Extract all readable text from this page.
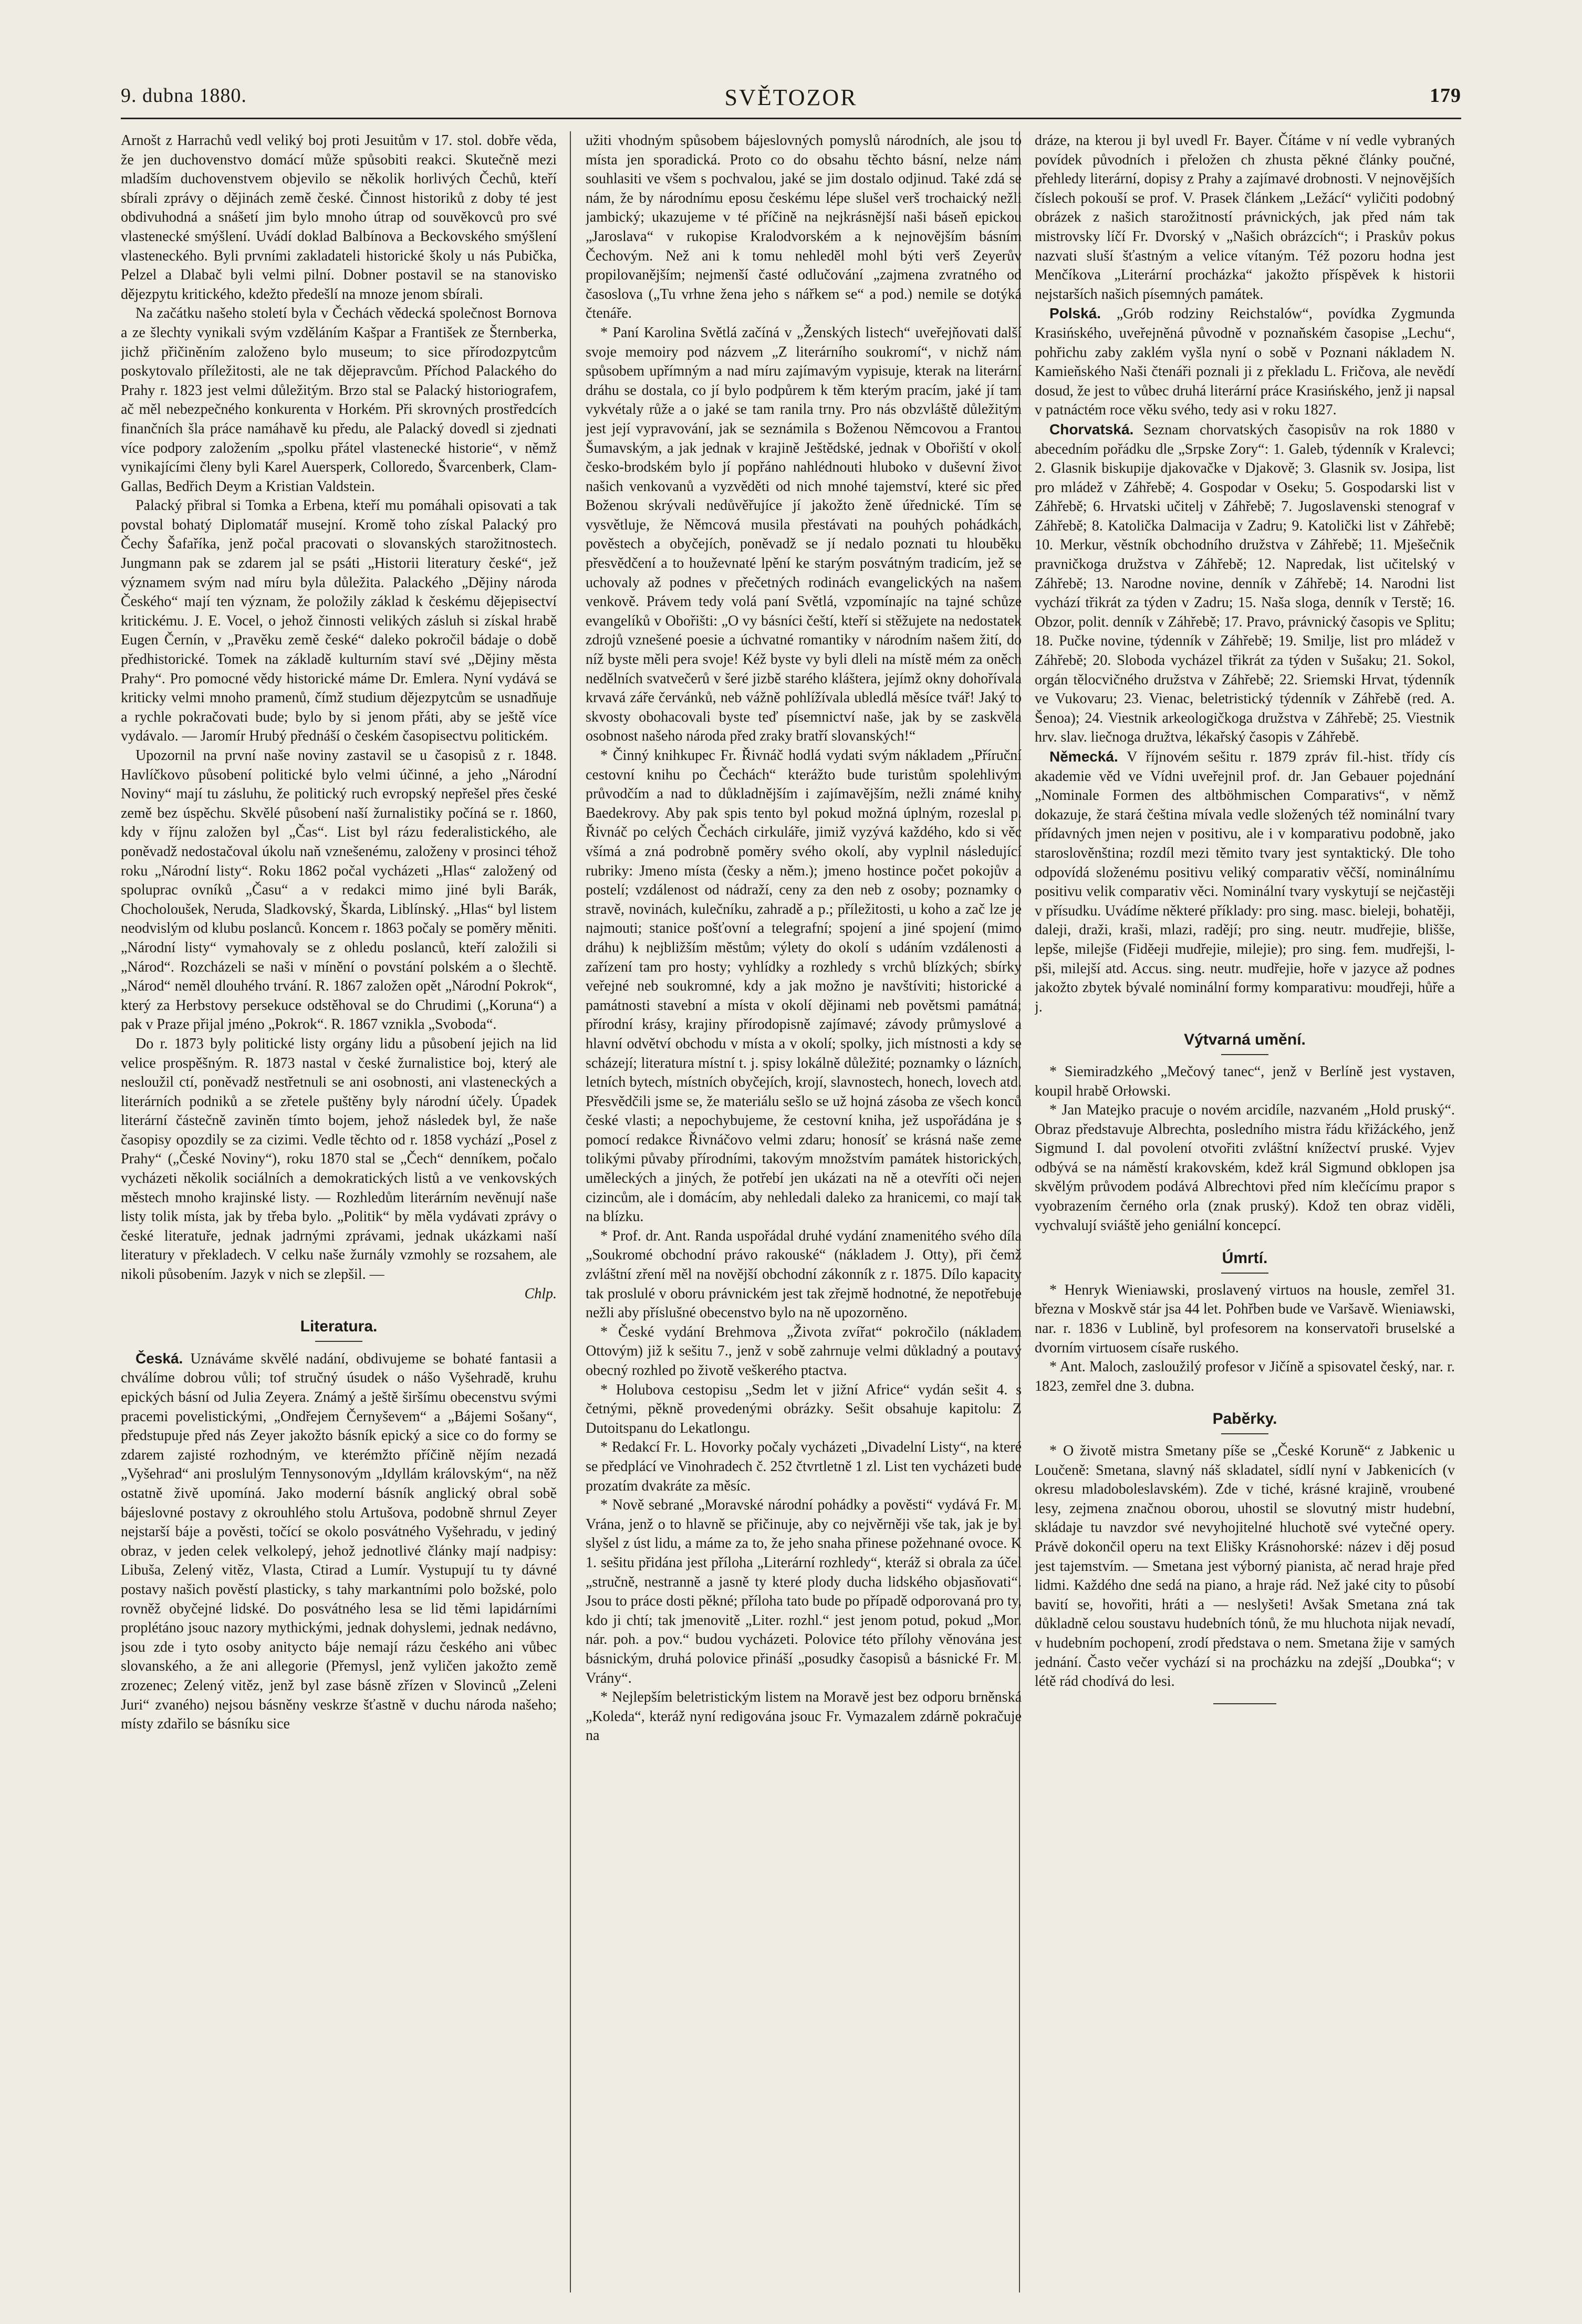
9. dubna 1880.	SVĚTOZOR	179

Arnošt z Harrachů vedl veliký boj proti Jesuitům v 17. stol. dobře věda, že jen duchovenstvo domácí může spůsobiti reakci. Skutečně mezi mladším duchovenstvem objevilo se několik horlivých Čechů, kteří sbírali zprávy o dějinách země české. Činnost historiků z doby té jest obdivuhodná a snášetí jim bylo mnoho útrap od souvěkovců pro své vlastenecké smýšlení. Uvádí doklad Balbínova a Beckovského smýšlení vlasteneckého. Byli prvními zakladateli historické školy u nás Pubička, Pelzel a Dlabač byli velmi pilní. Dobner postavil se na stanovisko dějezpytu kritického, kdežto předešlí na mnoze jenom sbírali.

Na začátku našeho století byla v Čechách vědecká společnost Bornova a ze šlechty vynikali svým vzděláním Kašpar a František ze Šternberka, jichž přičiněním založeno bylo museum; to sice přírodozpytcům poskytovalo příležitosti, ale ne tak dějepravcům. Příchod Palackého do Prahy r. 1823 jest velmi důležitým. Brzo stal se Palacký historiografem, ač měl nebezpečného konkurenta v Horkém. Při skrovných prostředcích finančních šla práce namáhavě ku předu, ale Palacký dovedl si zjednati více podpory založením „spolku přátel vlastenecké historie“, v němž vynikajícími členy byli Karel Auersperk, Colloredo, Švarcenberk, Clam-Gallas, Bedřich Deym a Kristian Valdstein.

Palacký přibral si Tomka a Erbena, kteří mu pomáhali opisovati a tak povstal bohatý Diplomatář musejní. Kromě toho získal Palacký pro Čechy Šafaříka, jenž počal pracovati o slovanských starožitnostech. Jungmann pak se zdarem jal se psáti „Historii literatury české“, jež významem svým nad míru byla důležita. Palackého „Dějiny národa Českého“ mají ten význam, že položily základ k českému dějepisectví kritickému. J. E. Vocel, o jehož činnosti velikých zásluh si získal hrabě Eugen Černín, v „Pravěku země české“ daleko pokročil bádaje o době předhistorické. Tomek na základě kulturním staví své „Dějiny města Prahy“. Pro pomocné vědy historické máme Dr. Emlera. Nyní vydává se kriticky velmi mnoho pramenů, čímž studium dějezpytcům se usnadňuje a rychle pokračovati bude; bylo by si jenom přáti, aby se ještě více vydávalo. — Jaromír Hrubý přednáší o českém časopisectvu politickém.

Upozornil na první naše noviny zastavil se u časopisů z r. 1848. Havlíčkovo působení politické bylo velmi účinné, a jeho „Národní Noviny“ mají tu zásluhu, že politický ruch evropský nepřešel přes české země bez úspěchu. Skvělé působení naší žurnalistiky počíná se r. 1860, kdy v říjnu založen byl „Čas“. List byl rázu federalistického, ale poněvadž nedostačoval úkolu naň vznešenému, založeny v prosinci téhož roku „Národní listy“. Roku 1862 počal vycházeti „Hlas“ založený od spoluprac ovníků „Času“ a v redakci mimo jiné byli Barák, Chocholoušek, Neruda, Sladkovský, Škarda, Liblínský. „Hlas“ byl listem neodvislým od klubu poslanců. Koncem r. 1863 počaly se poměry měniti. „Národní listy“ vymahovaly se z ohledu poslanců, kteří založili si „Národ“. Rozcházeli se naši v mínění o povstání polském a o šlechtě. „Národ“ neměl dlouhého trvání. R. 1867 založen opět „Národní Pokrok“, který za Herbstovy persekuce odstěhoval se do Chrudimi („Koruna“) a pak v Praze přijal jméno „Pokrok“. R. 1867 vznikla „Svoboda“.

Do r. 1873 byly politické listy orgány lidu a působení jejich na lid velice prospěšným. R. 1873 nastal v české žurnalistice boj, který ale nesloužil ctí, poněvadž nestřetnuli se ani osobnosti, ani vlasteneckých a literárních podniků a se zřetele puštěny byly národní účely. Úpadek literární částečně zaviněn tímto bojem, jehož následek byl, že naše časopisy opozdily se za cizimi. Vedle těchto od r. 1858 vychází „Posel z Prahy“ („České Noviny“), roku 1870 stal se „Čech“ denníkem, počalo vycházeti několik sociálních a demokratických listů a ve venkovských městech mnoho krajinské listy. — Rozhledům literárním nevěnují naše listy tolik místa, jak by třeba bylo. „Politik“ by měla vydávati zprávy o české literatuře, jednak jadrnými zprávami, jednak ukázkami naší literatury v překladech. V celku naše žurnály vzmohly se rozsahem, ale nikoli působením. Jazyk v nich se zlepšil. —

Chlp.

Literatura.

Česká. Uznáváme skvělé nadání, obdivujeme se bohaté fantasii a chválíme dobrou vůli; tof stručný úsudek o nášo Vyšehradě, kruhu epických básní od Julia Zeyera. Známý a ještě širšímu obecenstvu svými pracemi povelistickými, „Ondřejem Černyševem“ a „Bájemi Sošany“, předstupuje před nás Zeyer jakožto básník epický a sice co do formy se zdarem zajisté rozhodným, ve kterémžto příčině nějím nezadá „Vyšehrad“ ani proslulým Tennysonovým „Idyllám královským“, na něž ostatně živě upomíná. Jako moderní básník anglický obral sobě bájeslovné postavy z okrouhlého stolu Artušova, podobně shrnul Zeyer nejstarší báje a pověsti, točící se okolo posvátného Vyšehradu, v jediný obraz, v jeden celek velkolepý, jehož jednotlivé články mají nadpisy: Libuša, Zelený vitěz, Vlasta, Ctirad a Lumír. Vystupují tu ty dávné postavy našich pověstí plasticky, s tahy markantními polo božské, polo rovněž obyčejné lidské. Do posvátného lesa se lid těmi lapidárními proplétáno jsouc nazory mythickými, jednak dohyslemi, jednak nedávno, jsou zde i tyto osoby anitycto báje nemají rázu českého ani vůbec slovanského, a že ani allegorie (Přemysl, jenž vyličen jakožto země zrozenec; Zelený vitěz, jenž byl zase básně zřízen v Slovinců „Zeleni Juri“ zvaného) nejsou básněny veskrze šťastně v duchu národa našeho; místy zdařilo se básníku sice

užiti vhodným spůsobem bájeslovných pomyslů národních, ale jsou to místa jen sporadická. Proto co do obsahu těchto básní, nelze nám souhlasiti ve všem s pochvalou, jaké se jim dostalo odjinud. Také zdá se nám, že by národnímu eposu českému lépe slušel verš trochaický nežli jambický; ukazujeme v té příčině na nejkrásnější naši báseň epickou „Jaroslava“ v rukopise Kralodvorském a k nejnovějším básním Čechovým. Než ani k tomu nehleděl mohl býti verš Zeyerův propilovanějším; nejmenší časté odlučování „zajmena zvratného od časoslova („Tu vrhne žena jeho s nářkem se“ a pod.) nemile se dotýká čtenáře.

* Paní Karolina Světlá začíná v „Ženských listech“ uveřejňovati další svoje memoiry pod názvem „Z literárního soukromí“, v nichž nám spůsobem upřímným a nad míru zajímavým vypisuje, kterak na literární dráhu se dostala, co jí bylo podpůrem k těm kterým pracím, jaké jí tam vykvétaly růže a o jaké se tam ranila trny. Pro nás obzvláště důležitým jest její vypravování, jak se seznámila s Boženou Němcovou a Frantou Šumavským, a jak jednak v krajině Ještědské, jednak v Obořiští v okolí česko-brodském bylo jí popřáno nahlédnouti hluboko v duševní život našich venkovanů a vyzvěděti od nich mnohé tajemství, které sic před Boženou skrývali nedůvěřujíce jí jakožto ženě úřednické. Tím se vysvětluje, že Němcová musila přestávati na pouhých pohádkách, pověstech a obyčejích, poněvadž se jí nedalo poznati tu hlouběku přesvědčení a to houževnaté lpění ke starým posvátným tradicím, jež se uchovaly až podnes v přečetných rodinách evangelických na našem venkově. Právem tedy volá paní Světlá, vzpomínajíc na tajné schůze evangelíků v Obořišti: „O vy básníci čeští, kteří si stěžujete na nedostatek zdrojů vznešené poesie a úchvatné romantiky v národním našem žití, do níž byste měli pera svoje! Kéž byste vy byli dleli na místě mém za oněch nedělních svatvečerů v šeré jizbě starého kláštera, jejímž okny dohořívala krvavá záře červánků, neb vážně pohlížívala ubledlá měsíce tvář! Jaký to skvosty obohacovali byste teď písemnictví naše, jak by se zaskvěla osobnost našeho národa před zraky bratří slovanských!“

* Činný knihkupec Fr. Řivnáč hodlá vydati svým nákladem „Příruční cestovní knihu po Čechách“ kterážto bude turistům spolehlivým průvodčím a nad to důkladnějším i zajímavějším, nežli známé knihy Baedekrovy. Aby pak spis tento byl pokud možná úplným, rozeslal p. Řivnáč po celých Čechách cirkuláře, jimiž vyzývá každého, kdo si věc všímá a zná podrobně poměry svého okolí, aby vyplnil následující rubriky: Jmeno místa (česky a něm.); jmeno hostince počet pokojův a postelí; vzdálenost od nádraží, ceny za den neb z osoby; poznamky o stravě, novinách, kulečníku, zahradě a p.; příležitosti, u koho a zač lze je najmouti; stanice pošťovní a telegrafní; spojení a jiné spojení (mimo dráhu) k nejbližším městům; výlety do okolí s udáním vzdálenosti a zařízení tam pro hosty; vyhlídky a rozhledy s vrchů blízkých; sbírky veřejné neb soukromné, kdy a jak možno je navštíviti; historické a památnosti stavební a místa v okolí dějinami neb povětsmi památná; přírodní krásy, krajiny přírodopisně zajímavé; závody průmyslové a hlavní odvětví obchodu v místa a v okolí; spolky, jich místnosti a kdy se scházejí; literatura místní t. j. spisy lokálně důležité; poznamky o lázních, letních bytech, místních obyčejích, krojí, slavnostech, honech, lovech atd. Přesvědčili jsme se, že materiálu sešlo se už hojná zásoba ze všech konců české vlasti; a nepochybujeme, že cestovní kniha, jež uspořádána je s pomocí redakce Řivnáčovo velmi zdaru; honosíť se krásná naše zeme tolikými půvaby přírodními, takovým množstvím památek historických, uměleckých a jiných, že potřebí jen ukázati na ně a otevříti oči nejen cizincům, ale i domácím, aby nehledali daleko za hranicemi, co mají tak na blízku.

* Prof. dr. Ant. Randa uspořádal druhé vydání znamenitého svého díla „Soukromé obchodní právo rakouské“ (nákladem J. Otty), při čemž zvláštní zření měl na novější obchodní zákonník z r. 1875. Dílo kapacity tak proslulé v oboru právnickém jest tak zřejmě hodnotné, že nepotřebuje nežli aby příslušné obecenstvo bylo na ně upozorněno.

* České vydání Brehmova „Života zvířat“ pokročilo (nákladem Ottovým) již k sešitu 7., jenž v sobě zahrnuje velmi důkladný a poutavý obecný rozhled po životě veškerého ptactva.

* Holubova cestopisu „Sedm let v jižní Africe“ vydán sešit 4. s četnými, pěkně provedenými obrázky. Sešit obsahuje kapitolu: Z Dutoitspanu do Lekatlongu.

* Redakcí Fr. L. Hovorky počaly vycházeti „Divadelní Listy“, na které se předplácí ve Vinohradech č. 252 čtvrtletně 1 zl. List ten vycházeti bude prozatím dvakráte za měsíc.

* Nově sebrané „Moravské národní pohádky a pověsti“ vydává Fr. M. Vrána, jenž o to hlavně se přičinuje, aby co nejvěrněji vše tak, jak je byl slyšel z úst lidu, a máme za to, že jeho snaha přinese požehnané ovoce. K 1. sešitu přidána jest příloha „Literární rozhledy“, kteráž si obrala za účel „stručně, nestranně a jasně ty které plody ducha lidského objasňovati“. Jsou to práce dosti pěkné; příloha tato bude po případě odporovaná pro ty, kdo ji chtí; tak jmenovitě „Liter. rozhl.“ jest jenom potud, pokud „Mor. nár. poh. a pov.“ budou vycházeti. Polovice této přílohy věnována jest básnickým, druhá polovice přináší „posudky časopisů a básnické Fr. M. Vrány“.

* Nejlepším beletristickým listem na Moravě jest bez odporu brněnská „Koleda“, kteráž nyní redigována jsouc Fr. Vymazalem zdárně pokračuje na

dráze, na kterou ji byl uvedl Fr. Bayer. Čítáme v ní vedle vybraných povídek původních i přeložen ch zhusta pěkné články poučné, přehledy literární, dopisy z Prahy a zajímavé drobnosti. V nejnovějších číslech pokouší se prof. V. Prasek článkem „Ležácí“ vyličiti podobný obrázek z našich starožitností právnických, jak před nám tak mistrovsky líčí Fr. Dvorský v „Našich obrázcích“; i Praskův pokus nazvati sluší šťastným a velice vítaným. Též pozoru hodna jest Menčíkova „Literární procházka“ jakožto příspěvek k historii nejstarších našich písemných památek.

Polská. „Grób rodziny Reichstalów“, povídka Zygmunda Krasińského, uveřejněná původně v poznaňském časopise „Lechu“, pohřichu zaby zaklém vyšla nyní o sobě v Poznani nákladem N. Kamieňského Naši čtenáři poznali ji z překladu L. Fričova, ale nevědí dosud, že jest to vůbec druhá literární práce Krasińského, jenž ji napsal v patnáctém roce věku svého, tedy asi v roku 1827.

Chorvatská. Seznam chorvatských časopisův na rok 1880 v abecedním pořádku dle „Srpske Zory“: 1. Galeb, týdenník v Kralevci; 2. Glasnik biskupije djakovačke v Djakově; 3. Glasnik sv. Josipa, list pro mládež v Záhřebě; 4. Gospodar v Oseku; 5. Gospodarski list v Záhřebě; 6. Hrvatski učitelj v Záhřebě; 7. Jugoslavenski stenograf v Záhřebě; 8. Katolička Dalmacija v Zadru; 9. Katolički list v Záhřebě; 10. Merkur, věstník obchodního družstva v Záhřebě; 11. Mješečnik pravničkoga družstva v Záhřebě; 12. Napredak, list učitelský v Záhřebě; 13. Narodne novine, denník v Záhřebě; 14. Narodni list vychází třikrát za týden v Zadru; 15. Naša sloga, denník v Terstě; 16. Obzor, polit. denník v Záhřebě; 17. Pravo, právnický časopis ve Splitu; 18. Pučke novine, týdenník v Záhřebě; 19. Smilje, list pro mládež v Záhřebě; 20. Sloboda vycházel třikrát za týden v Sušaku; 21. Sokol, orgán tělocvičného družstva v Záhřebě; 22. Sriemski Hrvat, týdenník ve Vukovaru; 23. Vienac, beletristický týdenník v Záhřebě (red. A. Šenoa); 24. Viestnik arkeologičkoga družstva v Záhřebě; 25. Viestnik hrv. slav. liečnoga družtva, lékařský časopis v Záhřebě.

Německá. V říjnovém sešitu r. 1879 zpráv fil.-hist. třídy cís akademie věd ve Vídni uveřejnil prof. dr. Jan Gebauer pojednání „Nominale Formen des altböhmischen Comparativs“, v němž dokazuje, že stará čeština mívala vedle složených též nominální tvary přídavných jmen nejen v positivu, ale i v komparativu podobně, jako staroslověnština; rozdíl mezi těmito tvary jest syntaktický. Dle toho odpovídá složenému positivu veliký comparativ věčší, nominálnímu positivu velik comparativ věci. Nominální tvary vyskytují se nejčastěji v přísudku. Uvádíme některé příklady: pro sing. masc. bieleji, bohatěji, daleji, draži, kraši, mlazi, radějí; pro sing. neutr. mudřejie, blišše, lepše, milejše (Fiděeji mudřejie, milejie); pro sing. fem. mudřejši, l-pši, milejší atd. Accus. sing. neutr. mudřejie, hoře v jazyce až podnes jakožto zbytek bývalé nominální formy komparativu: moudřeji, hůře a j.

Výtvarná umění.

* Siemiradzkého „Mečový tanec“, jenž v Berlíně jest vystaven, koupil hrabě Orłowski.

* Jan Matejko pracuje o novém arcidíle, nazvaném „Hold pruský“. Obraz představuje Albrechta, posledního mistra řádu křižáckého, jenž Sigmund I. dal povolení otvořiti zvláštní knížectví pruské. Vyjev odbývá se na náměstí krakovském, kdež král Sigmund obklopen jsa skvělým průvodem podává Albrechtovi před ním klečícímu prapor s vyobrazením černého orla (znak pruský). Kdož ten obraz viděli, vychvalují sviáště jeho geniální koncepcí.

Úmrtí.

* Henryk Wieniawski, proslavený virtuos na housle, zemřel 31. března v Moskvě stár jsa 44 let. Pohřben bude ve Varšavě. Wieniawski, nar. r. 1836 v Lublině, byl profesorem na konservatoři bruselské a dvorním virtuosem císaře ruského.

* Ant. Maloch, zasloužilý profesor v Jičíně a spisovatel český, nar. r. 1823, zemřel dne 3. dubna.

Paběrky.

* O životě mistra Smetany píše se „České Koruně“ z Jabkenic u Loučeně: Smetana, slavný náš skladatel, sídlí nyní v Jabkenicích (v okresu mladoboleslavském). Zde v tiché, krásné krajině, vroubené lesy, zejmena značnou oborou, uhostil se slovutný mistr hudební, skládaje tu navzdor své nevyhojitelné hluchotě své vytečné opery. Právě dokončil operu na text Elišky Krásnohorské: název i děj posud jest tajemstvím. — Smetana jest výborný pianista, ač nerad hraje před lidmi. Každého dne sedá na piano, a hraje rád. Než jaké city to působí bavití se, hovořiti, hráti a — neslyšeti! Avšak Smetana zná tak důkladně celou soustavu hudebních tónů, že mu hluchota nijak nevadí, v hudebním pochopení, zrodí představa o nem. Smetana žije v samých jednání. Často večer vychází si na procházku na zdejší „Doubka“; v létě rád chodívá do lesi.
